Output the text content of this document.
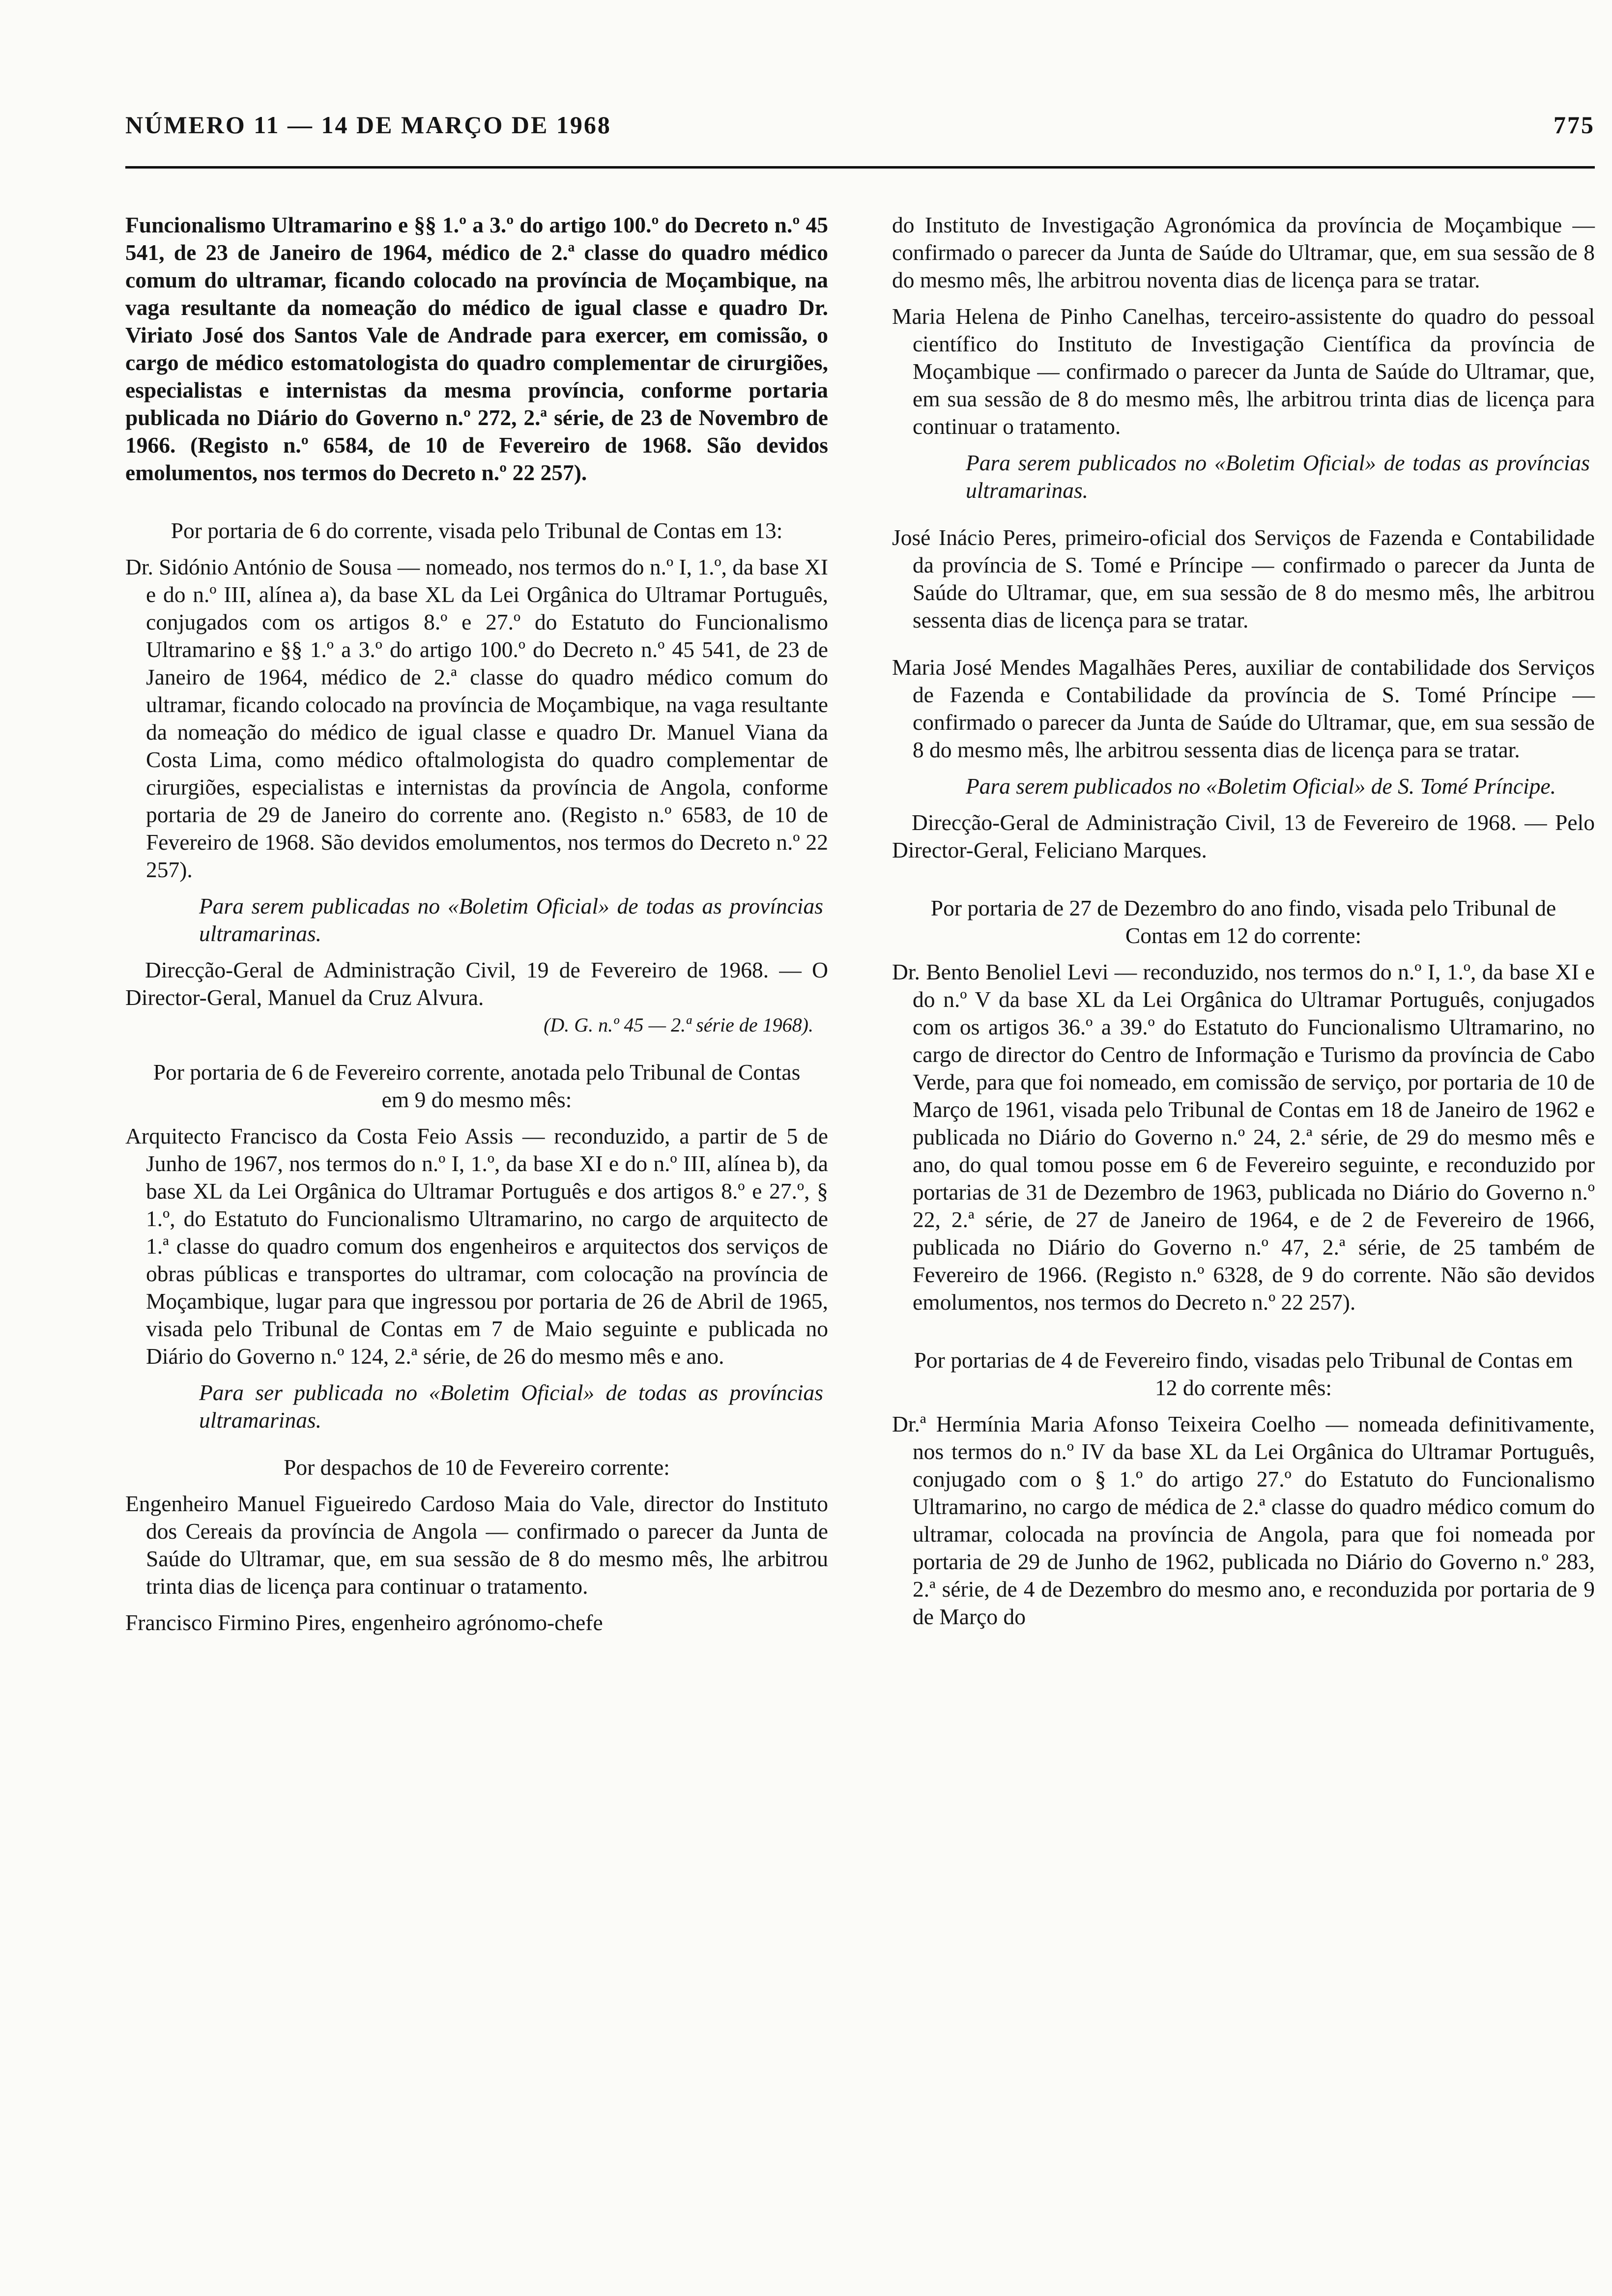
NÚMERO 11 — 14 DE MARÇO DE 1968	775

Funcionalismo Ultramarino e §§ 1.º a 3.º do artigo 100.º do Decreto n.º 45 541, de 23 de Janeiro de 1964, médico de 2.ª classe do quadro médico comum do ultramar, ficando colocado na província de Moçambique, na vaga resultante da nomeação do médico de igual classe e quadro Dr. Viriato José dos Santos Vale de Andrade para exercer, em comissão, o cargo de médico estomatologista do quadro complementar de cirurgiões, especialistas e internistas da mesma província, conforme portaria publicada no Diário do Governo n.º 272, 2.ª série, de 23 de Novembro de 1966. (Registo n.º 6584, de 10 de Fevereiro de 1968. São devidos emolumentos, nos termos do Decreto n.º 22 257).

Por portaria de 6 do corrente, visada pelo Tribunal de Contas em 13:

Dr. Sidónio António de Sousa — nomeado, nos termos do n.º I, 1.º, da base XI e do n.º III, alínea a), da base XL da Lei Orgânica do Ultramar Português, conjugados com os artigos 8.º e 27.º do Estatuto do Funcionalismo Ultramarino e §§ 1.º a 3.º do artigo 100.º do Decreto n.º 45 541, de 23 de Janeiro de 1964, médico de 2.ª classe do quadro médico comum do ultramar, ficando colocado na província de Moçambique, na vaga resultante da nomeação do médico de igual classe e quadro Dr. Manuel Viana da Costa Lima, como médico oftalmologista do quadro complementar de cirurgiões, especialistas e internistas da província de Angola, conforme portaria de 29 de Janeiro do corrente ano. (Registo n.º 6583, de 10 de Fevereiro de 1968. São devidos emolumentos, nos termos do Decreto n.º 22 257).

Para serem publicadas no «Boletim Oficial» de todas as províncias ultramarinas.

Direcção-Geral de Administração Civil, 19 de Fevereiro de 1968. — O Director-Geral, Manuel da Cruz Alvura.

(D. G. n.º 45 — 2.ª série de 1968).

Por portaria de 6 de Fevereiro corrente, anotada pelo Tribunal de Contas em 9 do mesmo mês:

Arquitecto Francisco da Costa Feio Assis — reconduzido, a partir de 5 de Junho de 1967, nos termos do n.º I, 1.º, da base XI e do n.º III, alínea b), da base XL da Lei Orgânica do Ultramar Português e dos artigos 8.º e 27.º, § 1.º, do Estatuto do Funcionalismo Ultramarino, no cargo de arquitecto de 1.ª classe do quadro comum dos engenheiros e arquitectos dos serviços de obras públicas e transportes do ultramar, com colocação na província de Moçambique, lugar para que ingressou por portaria de 26 de Abril de 1965, visada pelo Tribunal de Contas em 7 de Maio seguinte e publicada no Diário do Governo n.º 124, 2.ª série, de 26 do mesmo mês e ano.

Para ser publicada no «Boletim Oficial» de todas as províncias ultramarinas.

Por despachos de 10 de Fevereiro corrente:

Engenheiro Manuel Figueiredo Cardoso Maia do Vale, director do Instituto dos Cereais da província de Angola — confirmado o parecer da Junta de Saúde do Ultramar, que, em sua sessão de 8 do mesmo mês, lhe arbitrou trinta dias de licença para continuar o tratamento.

Francisco Firmino Pires, engenheiro agrónomo-chefe

do Instituto de Investigação Agronómica da província de Moçambique — confirmado o parecer da Junta de Saúde do Ultramar, que, em sua sessão de 8 do mesmo mês, lhe arbitrou noventa dias de licença para se tratar.

Maria Helena de Pinho Canelhas, terceiro-assistente do quadro do pessoal científico do Instituto de Investigação Científica da província de Moçambique — confirmado o parecer da Junta de Saúde do Ultramar, que, em sua sessão de 8 do mesmo mês, lhe arbitrou trinta dias de licença para continuar o tratamento.

Para serem publicados no «Boletim Oficial» de todas as províncias ultramarinas.

José Inácio Peres, primeiro-oficial dos Serviços de Fazenda e Contabilidade da província de S. Tomé e Príncipe — confirmado o parecer da Junta de Saúde do Ultramar, que, em sua sessão de 8 do mesmo mês, lhe arbitrou sessenta dias de licença para se tratar.

Maria José Mendes Magalhães Peres, auxiliar de contabilidade dos Serviços de Fazenda e Contabilidade da província de S. Tomé Príncipe — confirmado o parecer da Junta de Saúde do Ultramar, que, em sua sessão de 8 do mesmo mês, lhe arbitrou sessenta dias de licença para se tratar.

Para serem publicados no «Boletim Oficial» de S. Tomé Príncipe.

Direcção-Geral de Administração Civil, 13 de Fevereiro de 1968. — Pelo Director-Geral, Feliciano Marques.

Por portaria de 27 de Dezembro do ano findo, visada pelo Tribunal de Contas em 12 do corrente:

Dr. Bento Benoliel Levi — reconduzido, nos termos do n.º I, 1.º, da base XI e do n.º V da base XL da Lei Orgânica do Ultramar Português, conjugados com os artigos 36.º a 39.º do Estatuto do Funcionalismo Ultramarino, no cargo de director do Centro de Informação e Turismo da província de Cabo Verde, para que foi nomeado, em comissão de serviço, por portaria de 10 de Março de 1961, visada pelo Tribunal de Contas em 18 de Janeiro de 1962 e publicada no Diário do Governo n.º 24, 2.ª série, de 29 do mesmo mês e ano, do qual tomou posse em 6 de Fevereiro seguinte, e reconduzido por portarias de 31 de Dezembro de 1963, publicada no Diário do Governo n.º 22, 2.ª série, de 27 de Janeiro de 1964, e de 2 de Fevereiro de 1966, publicada no Diário do Governo n.º 47, 2.ª série, de 25 também de Fevereiro de 1966. (Registo n.º 6328, de 9 do corrente. Não são devidos emolumentos, nos termos do Decreto n.º 22 257).

Por portarias de 4 de Fevereiro findo, visadas pelo Tribunal de Contas em 12 do corrente mês:

Dr.ª Hermínia Maria Afonso Teixeira Coelho — nomeada definitivamente, nos termos do n.º IV da base XL da Lei Orgânica do Ultramar Português, conjugado com o § 1.º do artigo 27.º do Estatuto do Funcionalismo Ultramarino, no cargo de médica de 2.ª classe do quadro médico comum do ultramar, colocada na província de Angola, para que foi nomeada por portaria de 29 de Junho de 1962, publicada no Diário do Governo n.º 283, 2.ª série, de 4 de Dezembro do mesmo ano, e reconduzida por portaria de 9 de Março do
